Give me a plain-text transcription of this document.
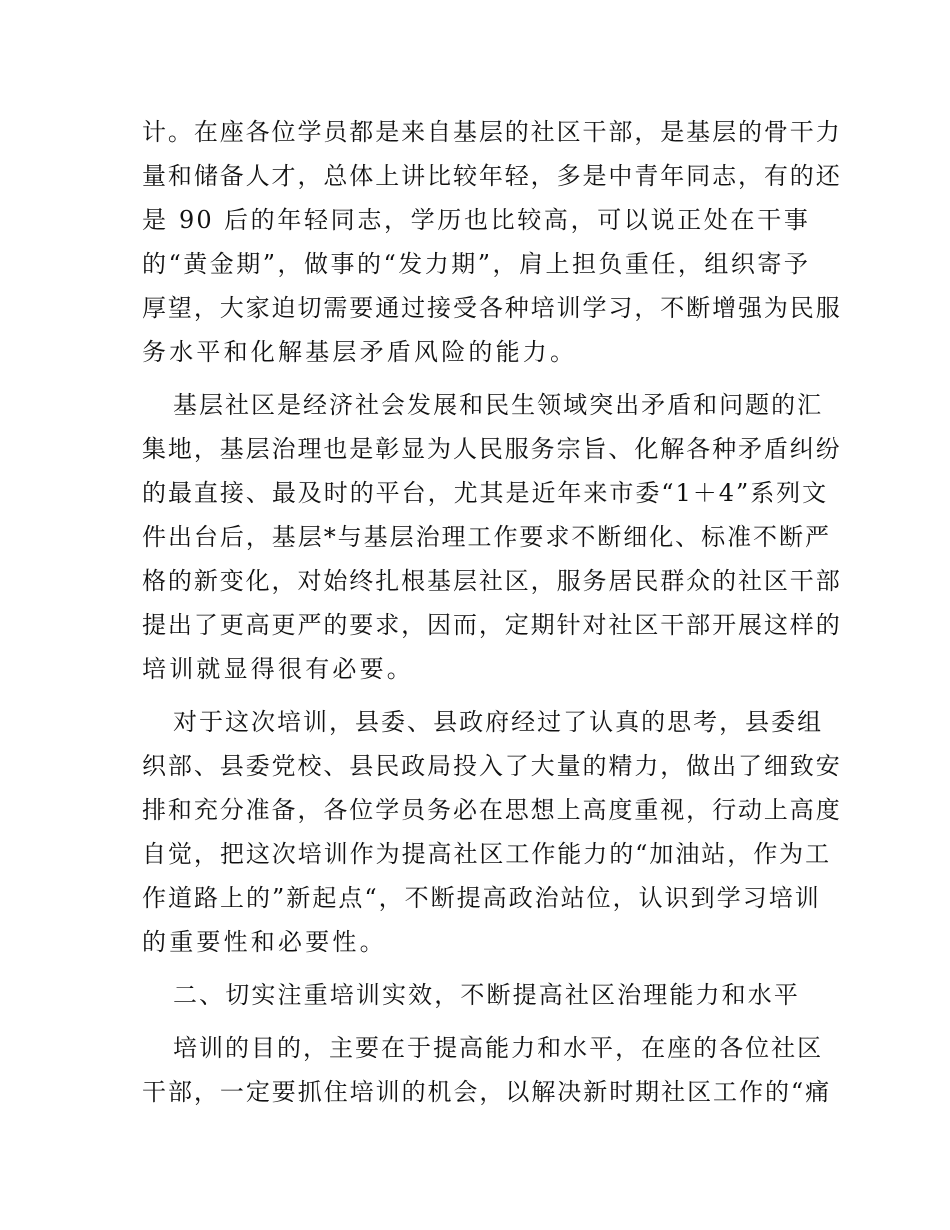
计。在座各位学员都是来自基层的社区干部，是基层的骨干力
量和储备人才，总体上讲比较年轻，多是中青年同志，有的还
是 90 后的年轻同志，学历也比较高，可以说正处在干事
的“黄金期”，做事的“发力期”，肩上担负重任，组织寄予
厚望，大家迫切需要通过接受各种培训学习，不断增强为民服
务水平和化解基层矛盾风险的能力。
基层社区是经济社会发展和民生领域突出矛盾和问题的汇
集地，基层治理也是彰显为人民服务宗旨、化解各种矛盾纠纷
的最直接、最及时的平台，尤其是近年来市委“1＋4”系列文
件出台后，基层*与基层治理工作要求不断细化、标准不断严
格的新变化，对始终扎根基层社区，服务居民群众的社区干部
提出了更高更严的要求，因而，定期针对社区干部开展这样的
培训就显得很有必要。
对于这次培训，县委、县政府经过了认真的思考，县委组
织部、县委党校、县民政局投入了大量的精力，做出了细致安
排和充分准备，各位学员务必在思想上高度重视，行动上高度
自觉，把这次培训作为提高社区工作能力的“加油站，作为工
作道路上的”新起点“，不断提高政治站位，认识到学习培训
的重要性和必要性。
二、切实注重培训实效，不断提高社区治理能力和水平
培训的目的，主要在于提高能力和水平，在座的各位社区
干部，一定要抓住培训的机会，以解决新时期社区工作的“痛
